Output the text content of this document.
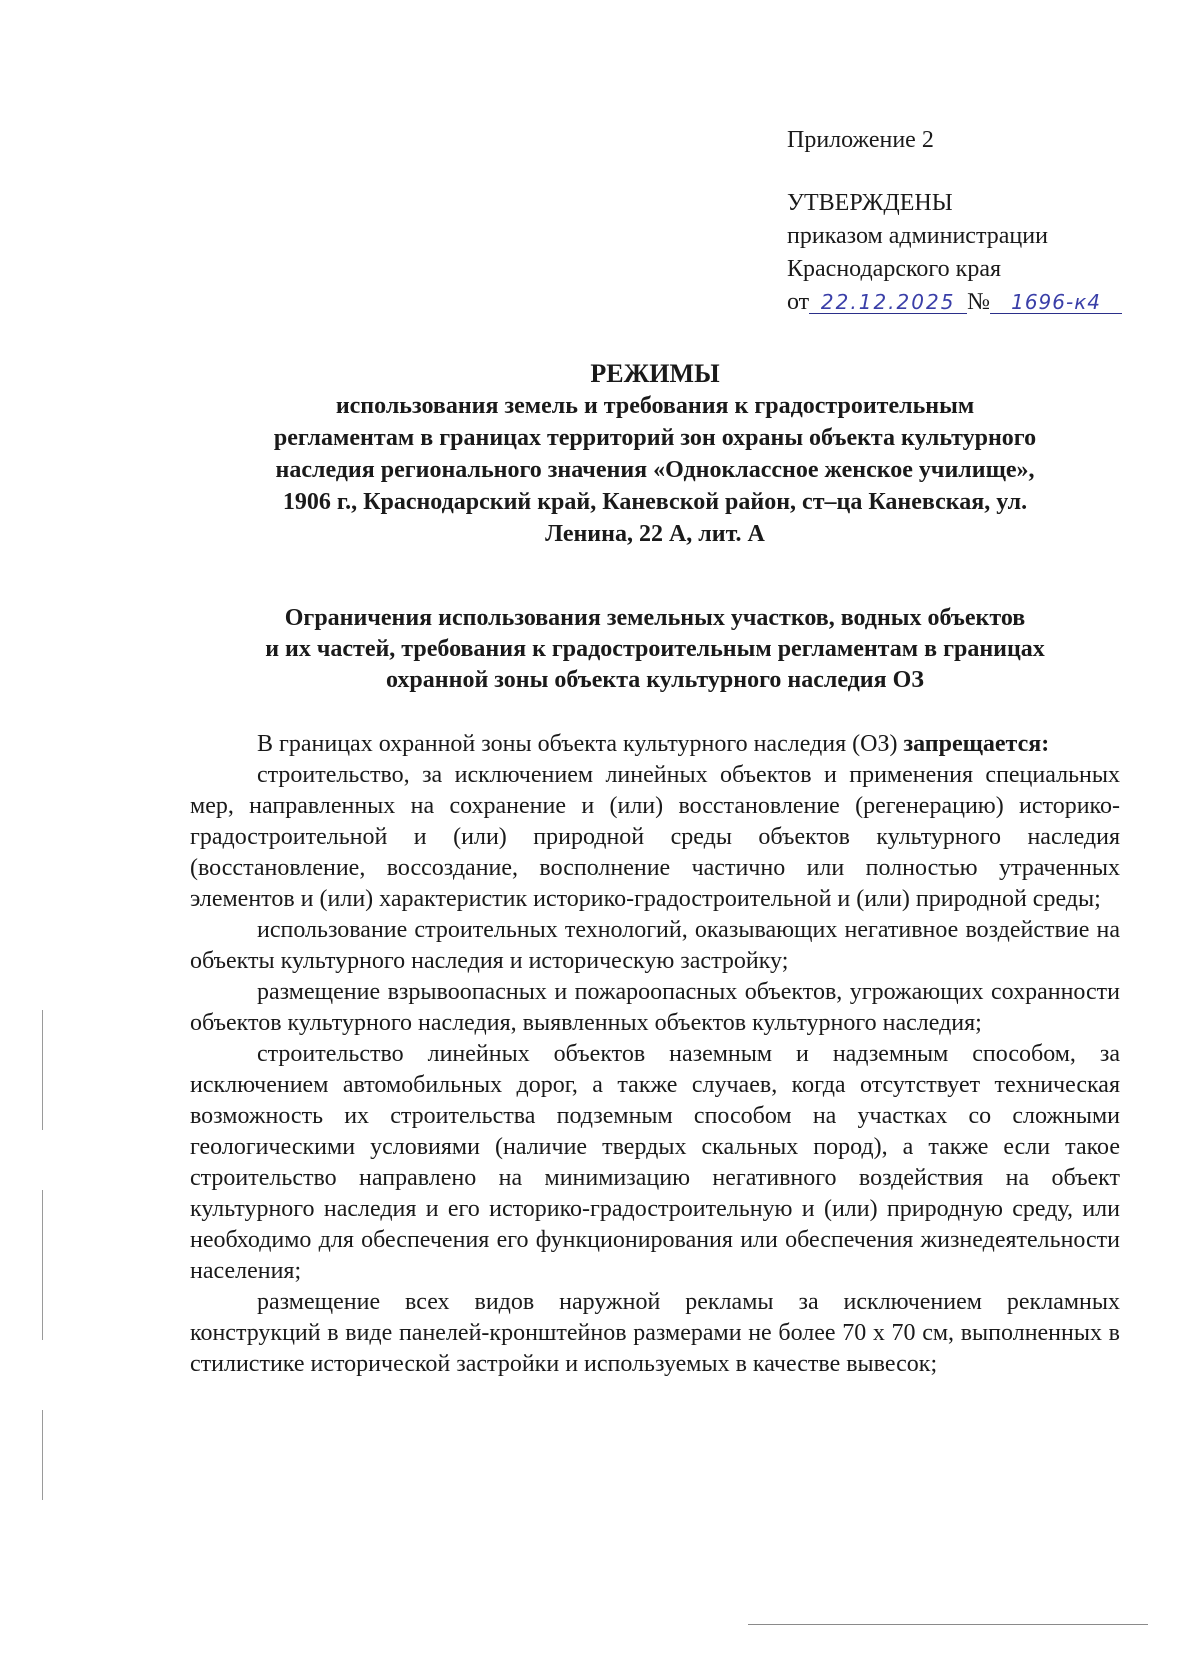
Приложение 2
УТВЕРЖДЕНЫ
приказом администрации
Краснодарского края
от 22.12.2025 № 1696-к4
РЕЖИМЫ
использования земель и требования к градостроительным регламентам в границах территорий зон охраны объекта культурного наследия регионального значения «Одноклассное женское училище», 1906 г., Краснодарский край, Каневской район, ст–ца Каневская, ул. Ленина, 22 А, лит. А
Ограничения использования земельных участков, водных объектов
и их частей, требования к градостроительным регламентам в границах
охранной зоны объекта культурного наследия ОЗ

В границах охранной зоны объекта культурного наследия (ОЗ) запрещается:

строительство, за исключением линейных объектов и применения специальных мер, направленных на сохранение и (или) восстановление (регенерацию) историко-градостроительной и (или) природной среды объектов культурного наследия (восстановление, воссоздание, восполнение частично или полностью утраченных элементов и (или) характеристик историко-градостроительной и (или) природной среды;

использование строительных технологий, оказывающих негативное воздействие на объекты культурного наследия и историческую застройку;

размещение взрывоопасных и пожароопасных объектов, угрожающих сохранности объектов культурного наследия, выявленных объектов культурного наследия;

строительство линейных объектов наземным и надземным способом, за исключением автомобильных дорог, а также случаев, когда отсутствует техническая возможность их строительства подземным способом на участках со сложными геологическими условиями (наличие твердых скальных пород), а также если такое строительство направлено на минимизацию негативного воздействия на объект культурного наследия и его историко-градостроительную и (или) природную среду, или необходимо для обеспечения его функционирования или обеспечения жизнедеятельности населения;

размещение всех видов наружной рекламы за исключением рекламных конструкций в виде панелей-кронштейнов размерами не более 70 х 70 см, выполненных в стилистике исторической застройки и используемых в качестве вывесок;
